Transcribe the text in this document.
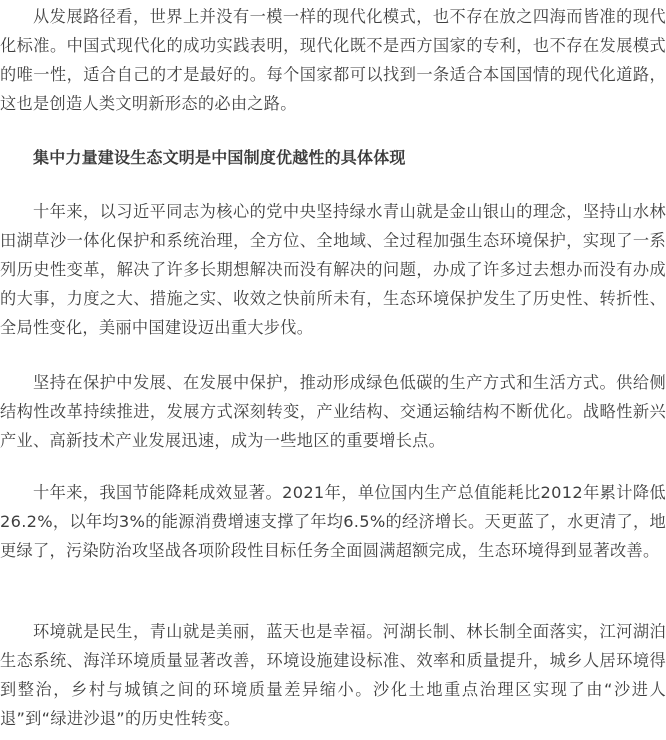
从发展路径看，世界上并没有一模一样的现代化模式，也不存在放之四海而皆准的现代化标准。中国式现代化的成功实践表明，现代化既不是西方国家的专利，也不存在发展模式的唯一性，适合自己的才是最好的。每个国家都可以找到一条适合本国国情的现代化道路，这也是创造人类文明新形态的必由之路。

集中力量建设生态文明是中国制度优越性的具体体现

十年来，以习近平同志为核心的党中央坚持绿水青山就是金山银山的理念，坚持山水林田湖草沙一体化保护和系统治理，全方位、全地域、全过程加强生态环境保护，实现了一系列历史性变革，解决了许多长期想解决而没有解决的问题，办成了许多过去想办而没有办成的大事，力度之大、措施之实、收效之快前所未有，生态环境保护发生了历史性、转折性、全局性变化，美丽中国建设迈出重大步伐。

坚持在保护中发展、在发展中保护，推动形成绿色低碳的生产方式和生活方式。供给侧结构性改革持续推进，发展方式深刻转变，产业结构、交通运输结构不断优化。战略性新兴产业、高新技术产业发展迅速，成为一些地区的重要增长点。

十年来，我国节能降耗成效显著。2021年，单位国内生产总值能耗比2012年累计降低26.2%，以年均3%的能源消费增速支撑了年均6.5%的经济增长。天更蓝了，水更清了，地更绿了，污染防治攻坚战各项阶段性目标任务全面圆满超额完成，生态环境得到显著改善。

环境就是民生，青山就是美丽，蓝天也是幸福。河湖长制、林长制全面落实，江河湖泊生态系统、海洋环境质量显著改善，环境设施建设标准、效率和质量提升，城乡人居环境得到整治，乡村与城镇之间的环境质量差异缩小。沙化土地重点治理区实现了由“沙进人退”到“绿进沙退”的历史性转变。
